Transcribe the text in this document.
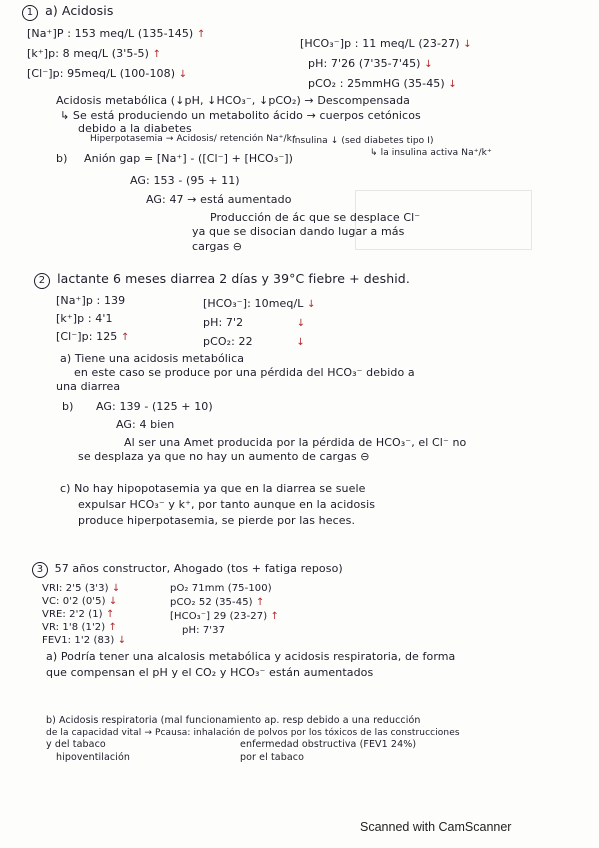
1 a) Acidosis
[Na⁺]P : 153 meq/L (135-145) ↑
[k⁺]p: 8 meq/L (3'5-5) ↑
[Cl⁻]p: 95meq/L (100-108) ↓
[HCO₃⁻]p : 11 meq/L (23-27) ↓
pH: 7'26 (7'35-7'45) ↓
pCO₂ : 25mmHG (35-45) ↓
Acidosis metabólica (↓pH, ↓HCO₃⁻, ↓pCO₂) → Descompensada
↳ Se está produciendo un metabolito ácido → cuerpos cetónicos
debido a la diabetes
Hiperpotasemia → Acidosis/ retención Na⁺/k⁺
Insulina ↓ (sed diabetes tipo I)
↳ la insulina activa Na⁺/k⁺
b) Anión gap = [Na⁺] - ([Cl⁻] + [HCO₃⁻])
AG: 153 - (95 + 11)
AG: 47 → está aumentado
Producción de ác que se desplace Cl⁻
ya que se disocian dando lugar a más
cargas ⊖
2 lactante 6 meses diarrea 2 días y 39°C fiebre + deshid.
[Na⁺]p : 139
[k⁺]p : 4'1
[Cl⁻]p: 125 ↑
[HCO₃⁻]: 10meq/L ↓
pH: 7'2	↓
pCO₂: 22	↓
a) Tiene una acidosis metabólica
en este caso se produce por una pérdida del HCO₃⁻ debido a
una diarrea
b) AG: 139 - (125 + 10)
AG: 4 bien
Al ser una Amet producida por la pérdida de HCO₃⁻, el Cl⁻ no
se desplaza ya que no hay un aumento de cargas ⊖
c) No hay hipopotasemia ya que en la diarrea se suele
expulsar HCO₃⁻ y k⁺, por tanto aunque en la acidosis
produce hiperpotasemia, se pierde por las heces.
3 57 años constructor, Ahogado (tos + fatiga reposo)
VRI: 2'5 (3'3) ↓
VC: 0'2 (0'5) ↓
VRE: 2'2 (1) ↑
VR: 1'8 (1'2) ↑
FEV1: 1'2 (83) ↓
pO₂ 71mm (75-100)
pCO₂ 52 (35-45) ↑
[HCO₃⁻] 29 (23-27) ↑
pH: 7'37
a) Podría tener una alcalosis metabólica y acidosis respiratoria, de forma
que compensan el pH y el CO₂ y HCO₃⁻ están aumentados
b) Acidosis respiratoria (mal funcionamiento ap. resp debido a una reducción
de la capacidad vital → Pcausa: inhalación de polvos por los tóxicos de las construcciones
y del tabaco
hipoventilación
enfermedad obstructiva (FEV1 24%)
por el tabaco
Scanned with CamScanner
